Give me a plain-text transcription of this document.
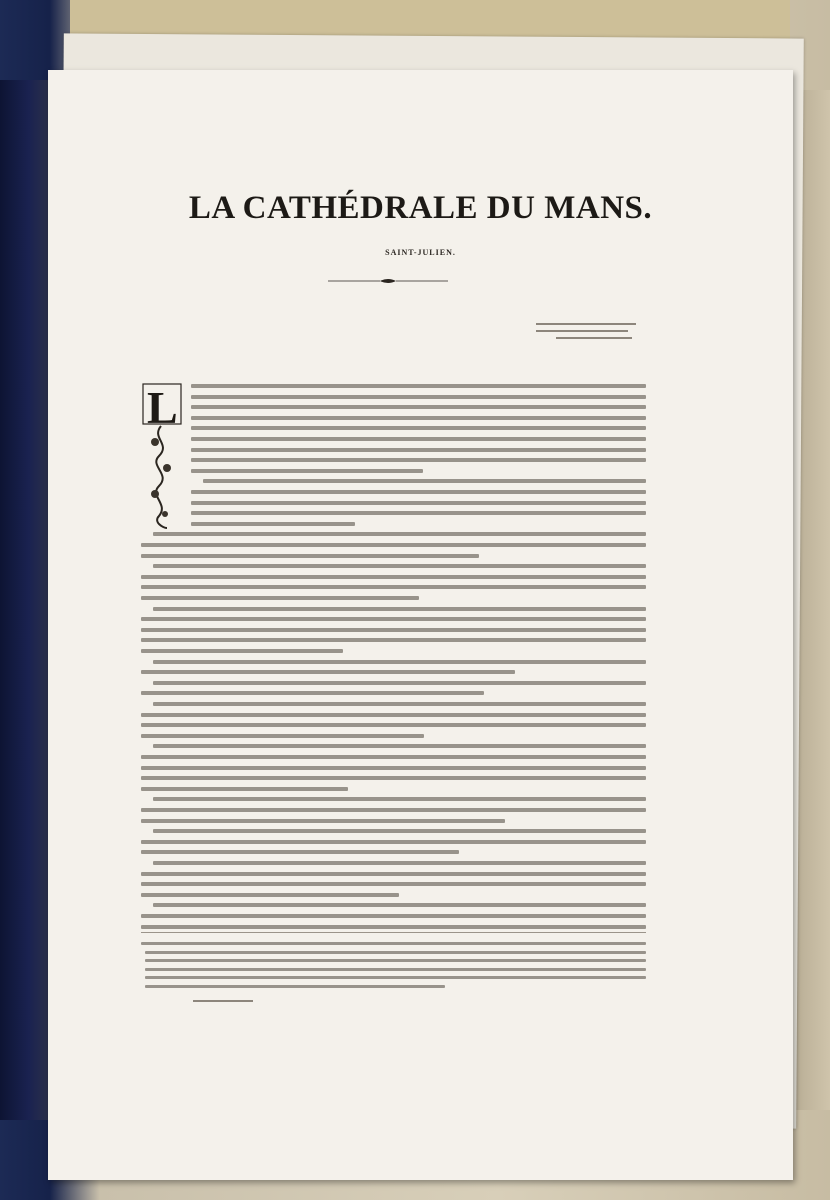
LA CATHÉDRALE DU MANS.
SAINT-JULIEN.
L
